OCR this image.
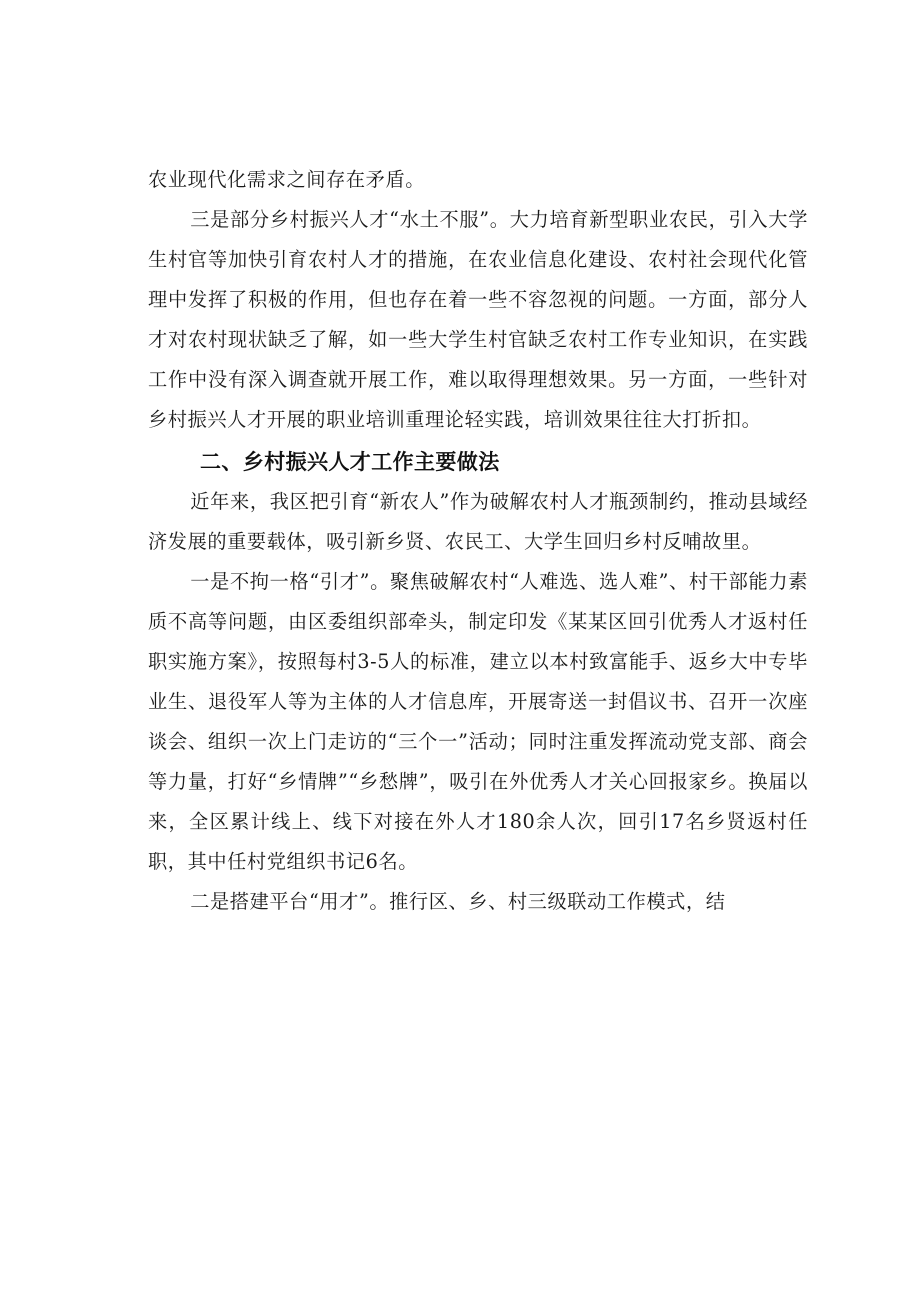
农业现代化需求之间存在矛盾。

三是部分乡村振兴人才“水土不服”。大力培育新型职业农民，引入大学生村官等加快引育农村人才的措施，在农业信息化建设、农村社会现代化管理中发挥了积极的作用，但也存在着一些不容忽视的问题。一方面，部分人才对农村现状缺乏了解，如一些大学生村官缺乏农村工作专业知识，在实践工作中没有深入调查就开展工作，难以取得理想效果。另一方面，一些针对乡村振兴人才开展的职业培训重理论轻实践，培训效果往往大打折扣。

二、乡村振兴人才工作主要做法

近年来，我区把引育“新农人”作为破解农村人才瓶颈制约，推动县域经济发展的重要载体，吸引新乡贤、农民工、大学生回归乡村反哺故里。

一是不拘一格“引才”。聚焦破解农村“人难选、选人难”、村干部能力素质不高等问题，由区委组织部牵头，制定印发《某某区回引优秀人才返村任职实施方案》，按照每村3-5人的标准，建立以本村致富能手、返乡大中专毕业生、退役军人等为主体的人才信息库，开展寄送一封倡议书、召开一次座谈会、组织一次上门走访的“三个一”活动；同时注重发挥流动党支部、商会等力量，打好“乡情牌”“乡愁牌”，吸引在外优秀人才关心回报家乡。换届以来，全区累计线上、线下对接在外人才180余人次，回引17名乡贤返村任职，其中任村党组织书记6名。

二是搭建平台“用才”。推行区、乡、村三级联动工作模式，结
